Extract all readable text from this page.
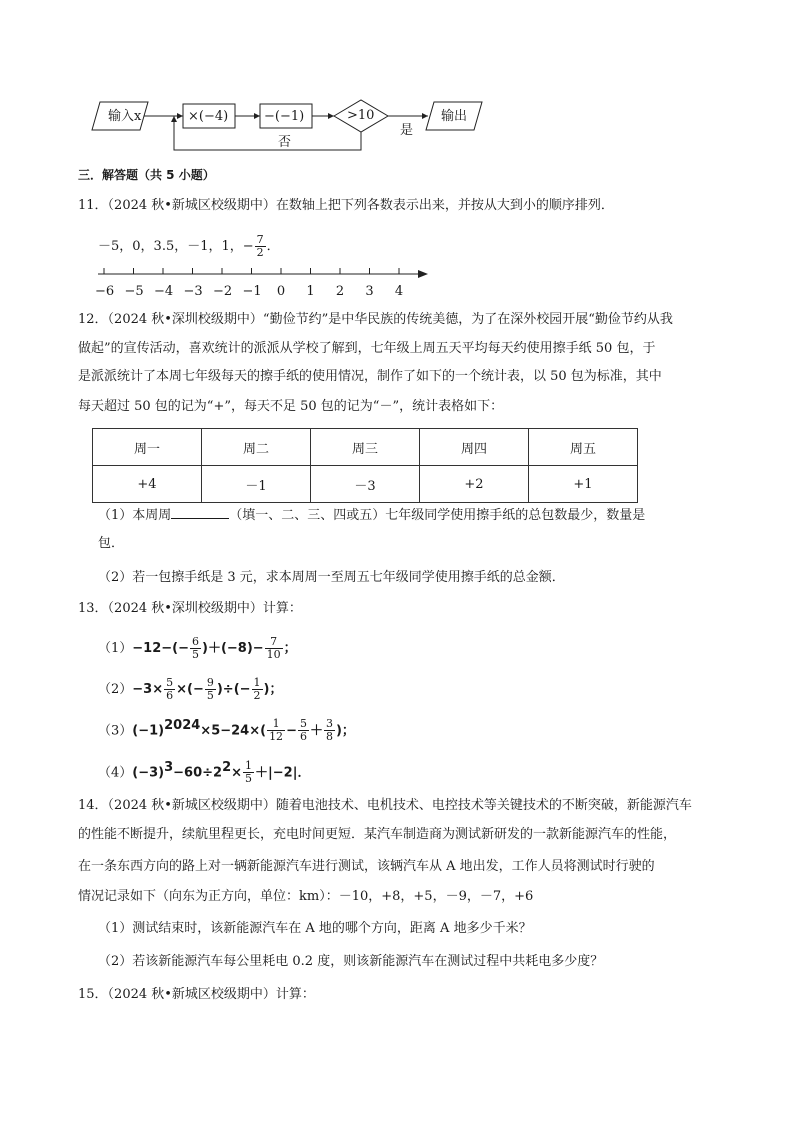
输入x	×(−4)	−(−1)	>10	输出
是
否
三．解答题（共 5 小题）
11．（2024 秋•新城区校级期中）在数轴上把下列各数表示出来，并按从大到小的顺序排列．
－5，0，3.5，－1，1，− $\frac{7}{2}$ ．
−6 −5 −4 −3 −2 −1	0	1	2	3	4
12．（2024 秋•深圳校级期中）“勤俭节约”是中华民族的传统美德，为了在深外校园开展“勤俭节约从我
做起”的宣传活动，喜欢统计的派派从学校了解到，七年级上周五天平均每天约使用擦手纸 50 包，于
是派派统计了本周七年级每天的擦手纸的使用情况，制作了如下的一个统计表，以 50 包为标准，其中
每天超过 50 包的记为“+”，每天不足 50 包的记为“－”，统计表格如下：
周一	周二	周三	周四	周五
+4	－1	－3	+2	+1
（1）本周周	（填一、二、三、四或五）七年级同学使用擦手纸的总包数最少，数量是
包．
（2）若一包擦手纸是 3 元，求本周周一至周五七年级同学使用擦手纸的总金额．
13．（2024 秋•深圳校级期中）计算：
$(1)-12-(- \frac{6}{5} )+(-8)- \frac{7}{10}$ ；
$(2)-3\times \frac{5}{6}$ ×(− $\frac{9}{5}$ )÷(− $\frac{1}{2}$ )；
$(3)(-1)^{2024}\times 5-24\times( \frac{1}{12} - \frac{5}{6} + \frac{3}{8}$ )；
$(4)(-3)^3-60\div 2^2\times \frac{1}{5} +|-2|$．
14．（2024 秋•新城区校级期中）随着电池技术、电机技术、电控技术等关键技术的不断突破，新能源汽车
的性能不断提升，续航里程更长，充电时间更短．某汽车制造商为测试新研发的一款新能源汽车的性能，
在一条东西方向的路上对一辆新能源汽车进行测试，该辆汽车从 A 地出发，工作人员将测试时行驶的
情况记录如下（向东为正方向，单位：km）：－10，+8，+5，－9，－7，+6
（1）测试结束时，该新能源汽车在 A 地的哪个方向，距离 A 地多少千米？
（2）若该新能源汽车每公里耗电 0.2 度，则该新能源汽车在测试过程中共耗电多少度？
15．（2024 秋•新城区校级期中）计算：
